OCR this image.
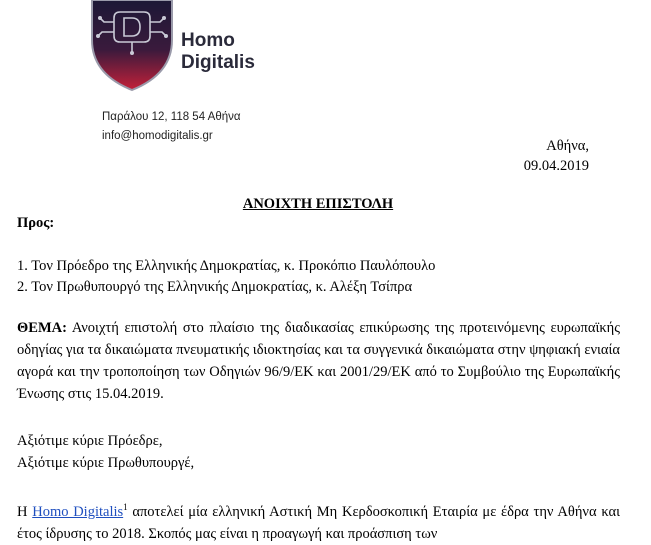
Homo
Digitalis
Παράλου 12, 118 54 Αθήνα
info@homodigitalis.gr
Αθήνα,
09.04.2019
ΑΝΟΙΧΤΗ ΕΠΙΣΤΟΛΗ
Προς:
1. Τον Πρόεδρο της Ελληνικής Δημοκρατίας, κ. Προκόπιο Παυλόπουλο
2. Τον Πρωθυπουργό της Ελληνικής Δημοκρατίας, κ. Αλέξη Τσίπρα

ΘΕΜΑ: Ανοιχτή επιστολή στο πλαίσιο της διαδικασίας επικύρωσης της προτεινόμενης ευρωπαϊκής οδηγίας για τα δικαιώματα πνευματικής ιδιοκτησίας και τα συγγενικά δικαιώματα στην ψηφιακή ενιαία αγορά και την τροποποίηση των Οδηγιών 96/9/ΕΚ και 2001/29/ΕΚ από το Συμβούλιο της Ευρωπαϊκής Ένωσης στις 15.04.2019.

Αξιότιμε κύριε Πρόεδρε,
Αξιότιμε κύριε Πρωθυπουργέ,

Η Homo Digitalis$^1$ αποτελεί μία ελληνική Αστική Μη Κερδοσκοπική Εταιρία με έδρα την Αθήνα και έτος ίδρυσης το 2018. Σκοπός μας είναι η προαγωγή και προάσπιση των
